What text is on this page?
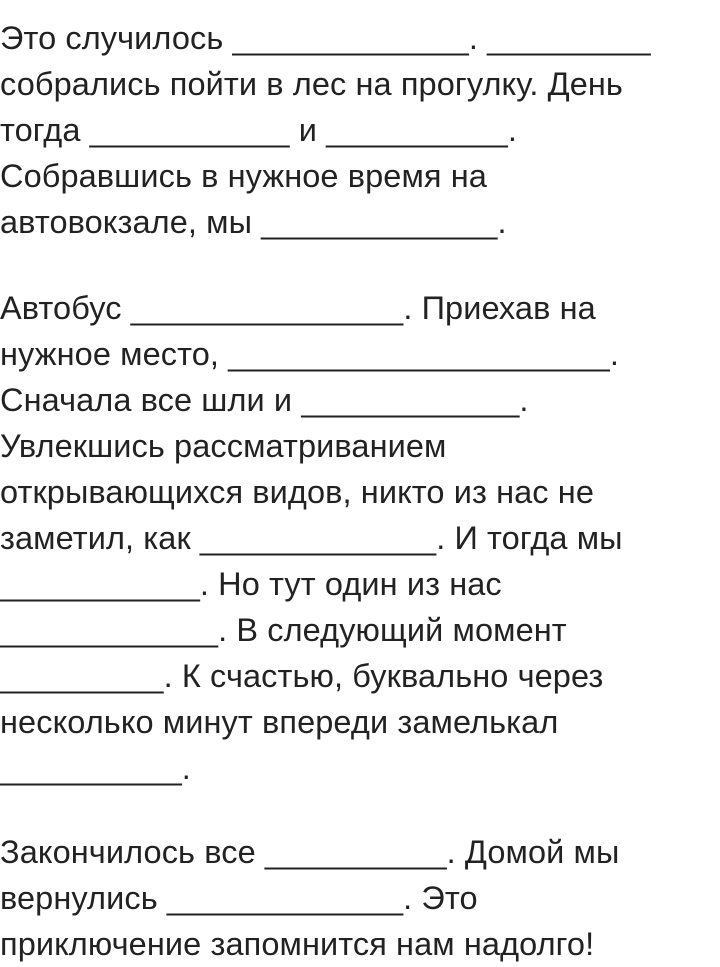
Это случилось _____________. _________
собрались пойти в лес на прогулку. День
тогда ___________ и __________.
Собравшись в нужное время на
автовокзале, мы _____________.
Автобус _______________. Приехав на
нужное место, _____________________.
Сначала все шли и ____________.
Увлекшись рассматриванием
открывающихся видов, никто из нас не
заметил, как _____________. И тогда мы
___________. Но тут один из нас
____________. В следующий момент
_________. К счастью, буквально через
несколько минут впереди замелькал
__________.
Закончилось все __________. Домой мы
вернулись _____________. Это
приключение запомнится нам надолго!
